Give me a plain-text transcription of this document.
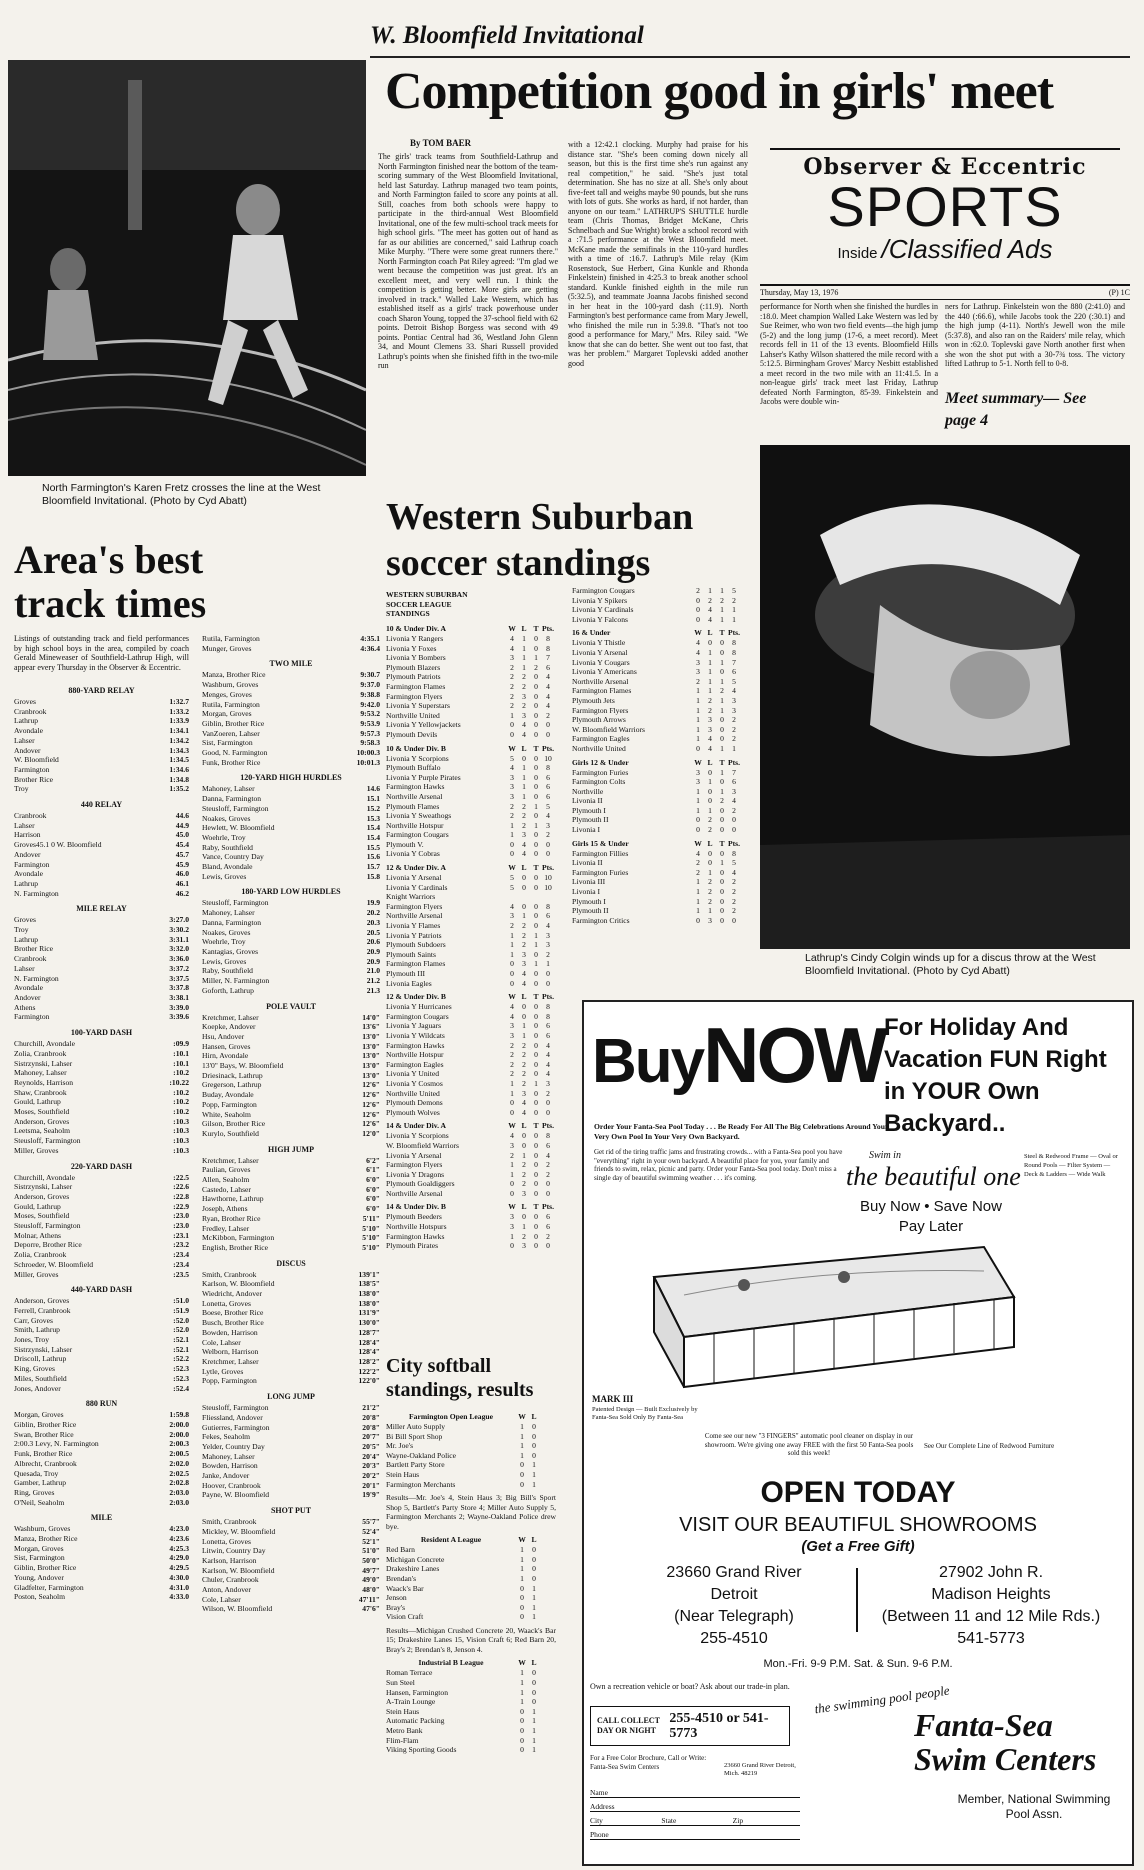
W. Bloomfield Invitational
Competition good in girls' meet
North Farmington's Karen Fretz crosses the line at the West Bloomfield Invitational. (Photo by Cyd Abatt)
By TOM BAER
The girls' track teams from Southfield-Lathrup and North Farmington finished near the bottom of the team-scoring summary of the West Bloomfield Invitational, held last Saturday. Lathrup managed two team points, and North Farmington failed to score any points at all. Still, coaches from both schools were happy to participate in the third-annual West Bloomfield Invitational, one of the few multi-school track meets for high school girls. "The meet has gotten out of hand as far as our abilities are concerned," said Lathrup coach Mike Murphy. "There were some great runners there." North Farmington coach Pat Riley agreed: "I'm glad we went because the competition was just great. It's an excellent meet, and very well run. I think the competition is getting better. More girls are getting involved in track." Walled Lake Western, which has established itself as a girls' track powerhouse under coach Sharon Young, topped the 37-school field with 62 points. Detroit Bishop Borgess was second with 49 points. Pontiac Central had 36, Westland John Glenn 34, and Mount Clemens 33. Shari Russell provided Lathrup's points when she finished fifth in the two-mile run
with a 12:42.1 clocking. Murphy had praise for his distance star. "She's been coming down nicely all season, but this is the first time she's run against any real competition," he said. "She's just total determination. She has no size at all. She's only about five-feet tall and weighs maybe 90 pounds, but she runs with lots of guts. She works as hard, if not harder, than anyone on our team." LATHRUP'S SHUTTLE hurdle team (Chris Thomas, Bridget McKane, Chris Schnelbach and Sue Wright) broke a school record with a :71.5 performance at the West Bloomfield meet. McKane made the semifinals in the 110-yard hurdles with a time of :16.7. Lathrup's Mile relay (Kim Rosenstock, Sue Herbert, Gina Kunkle and Rhonda Finkelstein) finished in 4:25.3 to break another school standard. Kunkle finished eighth in the mile run (5:32.5), and teammate Joanna Jacobs finished second in her heat in the 100-yard dash (:11.9). North Farmington's best performance came from Mary Jewell, who finished the mile run in 5:39.8. "That's not too good a performance for Mary," Mrs. Riley said. "We know that she can do better. She went out too fast, that was her problem." Margaret Toplevski added another good
Observer & Eccentric
SPORTS
Inside /Classified Ads
Thursday, May 13, 1976	(P) 1C
performance for North when she finished the hurdles in :18.0. Meet champion Walled Lake Western was led by Sue Reimer, who won two field events—the high jump (5-2) and the long jump (17-6, a meet record). Meet records fell in 11 of the 13 events. Bloomfield Hills Lahser's Kathy Wilson shattered the mile record with a 5:12.5. Birmingham Groves' Marcy Nesbitt established a meet record in the two mile with an 11:41.5. In a non-league girls' track meet last Friday, Lathrup defeated North Farmington, 85-39. Finkelstein and Jacobs were double win-
ners for Lathrup. Finkelstein won the 880 (2:41.0) and the 440 (:66.6), while Jacobs took the 220 (:30.1) and the high jump (4-11). North's Jewell won the mile (5:37.8), and also ran on the Raiders' mile relay, which won in :62.0. Toplevski gave North another first when she won the shot put with a 30-7¾ toss. The victory lifted Lathrup to 5-1. North fell to 0-8.
Meet summary— See page 4
Lathrup's Cindy Colgin winds up for a discus throw at the West Bloomfield Invitational. (Photo by Cyd Abatt)
Area's best track times
Listings of outstanding track and field performances by high school boys in the area, compiled by coach Gerald Mineweaser of Southfield-Lathrup High, will appear every Thursday in the Observer & Eccentric.
880-YARD RELAY
Groves	1:32.7
Cranbrook	1:33.2
Lathrup	1:33.9
Avondale	1:34.1
Lahser	1:34.2
Andover	1:34.3
W. Bloomfield	1:34.5
Farmington	1:34.6
Brother Rice	1:34.8
Troy	1:35.2
440 RELAY
Cranbrook	44.6
Lahser	44.9
Harrison	45.0
Groves45.1 0 W. Bloomfield	45.4
Andover	45.7
Farmington	45.9
Avondale	46.0
Lathrup	46.1
N. Farmington	46.2
MILE RELAY
Groves	3:27.0
Troy	3:30.2
Lathrup	3:31.1
Brother Rice	3:32.0
Cranbrook	3:36.0
Lahser	3:37.2
N. Farmington	3:37.5
Avondale	3:37.8
Andover	3:38.1
Athens	3:39.0
Farmington	3:39.6
100-YARD DASH
Churchill, Avondale	:09.9
Zolia, Cranbrook	:10.1
Sistrzynski, Lahser	:10.1
Mahoney, Lahser	:10.2
Reynolds, Harrison	:10.22
Shaw, Cranbrook	:10.2
Gould, Lathrup	:10.2
Moses, Southfield	:10.2
Anderson, Groves	:10.3
Leetsma, Seaholm	:10.3
Steusloff, Farmington	:10.3
Miller, Groves	:10.3
220-YARD DASH
Churchill, Avondale	:22.5
Sistrzynski, Lahser	:22.6
Anderson, Groves	:22.8
Gould, Lathrup	:22.9
Moses, Southfield	:23.0
Steusloff, Farmington	:23.0
Molnar, Athens	:23.1
Deporre, Brother Rice	:23.2
Zolia, Cranbrook	:23.4
Schroeder, W. Bloomfield	:23.4
Miller, Groves	:23.5
440-YARD DASH
Anderson, Groves	:51.0
Ferrell, Cranbrook	:51.9
Carr, Groves	:52.0
Smith, Lathrup	:52.0
Jones, Troy	:52.1
Sistrzynski, Lahser	:52.1
Driscoll, Lathrup	:52.2
King, Groves	:52.3
Miles, Southfield	:52.3
Jones, Andover	:52.4
880 RUN
Morgan, Groves	1:59.8
Giblin, Brother Rice	2:00.0
Swan, Brother Rice	2:00.0
2:00.3 Levy, N. Farmington	2:00.3
Funk, Brother Rice	2:00.5
Albrecht, Cranbrook	2:02.0
Quesada, Troy	2:02.5
Gamber, Lathrup	2:02.8
Ring, Groves	2:03.0
O'Neil, Seaholm	2:03.0
MILE
Washburn, Groves	4:23.0
Manza, Brother Rice	4:23.6
Morgan, Groves	4:25.3
Sist, Farmington	4:29.0
Giblin, Brother Rice	4:29.5
Young, Andover	4:30.0
Gladfelter, Farmington	4:31.0
Poston, Seaholm	4:33.0
Rutila, Farmington	4:35.1
Munger, Groves	4:36.4
TWO MILE
Manza, Brother Rice	9:30.7
Washburn, Groves	9:37.0
Menges, Groves	9:38.8
Rutila, Farmington	9:42.0
Morgan, Groves	9:53.2
Giblin, Brother Rice	9:53.9
VanZoeren, Lahser	9:57.3
Sist, Farmington	9:58.3
Good, N. Farmington	10:00.3
Funk, Brother Rice	10:01.3
120-YARD HIGH HURDLES
Mahoney, Lahser	14.6
Danna, Farmington	15.1
Steusloff, Farmington	15.2
Noakes, Groves	15.3
Hewlett, W. Bloomfield	15.4
Woehrle, Troy	15.4
Raby, Southfield	15.5
Vance, Country Day	15.6
Bland, Avondale	15.7
Lewis, Groves	15.8
180-YARD LOW HURDLES
Steusloff, Farmington	19.9
Mahoney, Lahser	20.2
Danna, Farmington	20.3
Noakes, Groves	20.5
Woehrle, Troy	20.6
Kantagias, Groves	20.9
Lewis, Groves	20.9
Raby, Southfield	21.0
Miller, N. Farmington	21.2
Goforth, Lathrup	21.3
POLE VAULT
Kretchmer, Lahser	14'0"
Koepke, Andover	13'6"
Hsu, Andover	13'0"
Hansen, Groves	13'0"
Hirn, Avondale	13'0"
13'0" Bays, W. Bloomfield	13'0"
Driesinack, Lathrup	13'0"
Gregerson, Lathrup	12'6"
Buday, Avondale	12'6"
Popp, Farmington	12'6"
White, Seaholm	12'6"
Gilson, Brother Rice	12'6"
Kurylo, Southfield	12'0"
HIGH JUMP
Kretchmer, Lahser	6'2"
Paulian, Groves	6'1"
Allen, Seaholm	6'0"
Castedo, Lahser	6'0"
Hawthorne, Lathrup	6'0"
Joseph, Athens	6'0"
Ryan, Brother Rice	5'11"
Fredley, Lahser	5'10"
McKibbon, Farmington	5'10"
English, Brother Rice	5'10"
DISCUS
Smith, Cranbrook	139'1"
Karlson, W. Bloomfield	138'5"
Wiedricht, Andover	138'0"
Lonetta, Groves	138'0"
Boese, Brother Rice	131'9"
Busch, Brother Rice	130'0"
Bowden, Harrison	128'7"
Cole, Lahser	128'4"
Welborn, Harrison	128'4"
Kretchmer, Lahser	128'2"
Lytle, Groves	122'2"
Popp, Farmington	122'0"
LONG JUMP
Steusloff, Farmington	21'2"
Fliessland, Andover	20'8"
Gutierres, Farmington	20'8"
Fekes, Seaholm	20'7"
Yelder, Country Day	20'5"
Mahoney, Lahser	20'4"
Bowden, Harrison	20'3"
Janke, Andover	20'2"
Hoover, Cranbrook	20'1"
Payne, W. Bloomfield	19'9"
SHOT PUT
Smith, Cranbrook	55'7"
Mickley, W. Bloomfield	52'4"
Lonetta, Groves	52'1"
Litwin, Country Day	51'0"
Karlson, Harrison	50'0"
Karlson, W. Bloomfield	49'7"
Chuler, Cranbrook	49'0"
Anton, Andover	48'0"
Cole, Lahser	47'11"
Wilson, W. Bloomfield	47'6"
Western Suburban soccer standings
WESTERN SUBURBAN SOCCER LEAGUE STANDINGS
10 & Under Div. A	W L T Pts.
Livonia Y Rangers	4	1	0	8
Livonia Y Foxes	4	1	0	8
Livonia Y Bombers	3	1	1	7
Plymouth Blazers	2	1	2	6
Plymouth Patriots	2	2	0	4
Farmington Flames	2	2	0	4
Farmington Flyers	2	3	0	4
Livonia Y Superstars	2	2	0	4
Northville United	1	3	0	2
Livonia Y Yellowjackets	0	4	0	0
Plymouth Devils	0	4	0	0
10 & Under Div. B	W L T Pts.
Livonia Y Scorpions	5	0	0 10
Plymouth Buffalo	4	1	0	8
Livonia Y Purple Pirates	3	1	0	6
Farmington Hawks	3	1	0	6
Northville Arsenal	3	1	0	6
Plymouth Flames	2	2	1	5
Livonia Y Sweathogs	2	2	0	4
Northville Hotspur	1	2	1	3
Farmington Cougars	1	3	0	2
Plymouth V.	0	4	0	0
Livonia Y Cobras	0	4	0	0
12 & Under Div. A	W L T Pts.
Livonia Y Arsenal	5	0	0 10
Livonia Y Cardinals	5	0	0 10
Knight Warriors
Farmington Flyers	4	0	0	8
Northville Arsenal	3	1	0	6
Livonia Y Flames	2	2	0	4
Livonia Y Patriots	1	2	1	3
Plymouth Subdoers	1	2	1	3
Plymouth Saints	1	3	0	2
Farmington Flames	0	3	1	1
Plymouth III	0	4	0	0
Livonia Eagles	0	4	0	0
12 & Under Div. B	W L T Pts.
Livonia Y Hurricanes	4	0	0	8
Farmington Cougars	4	0	0	8
Livonia Y Jaguars	3	1	0	6
Livonia Y Wildcats	3	1	0	6
Farmington Hawks	2	2	0	4
Northville Hotspur	2	2	0	4
Farmington Eagles	2	2	0	4
Livonia Y United	2	2	0	4
Livonia Y Cosmos	1	2	1	3
Northville United	1	3	0	2
Plymouth Demons	0	4	0	0
Plymouth Wolves	0	4	0	0
14 & Under Div. A	W L T Pts.
Livonia Y Scorpions	4	0	0	8
W. Bloomfield Warriors	3	0	0	6
Livonia Y Arsenal	2	1	0	4
Farmington Flyers	1	2	0	2
Livonia Y Dragons	1	2	0	2
Plymouth Goaldiggers	0	2	0	0
Northville Arsenal	0	3	0	0
14 & Under Div. B	W L T Pts.
Plymouth Beeders	3	0	0	6
Northville Hotspurs	3	1	0	6
Farmington Hawks	1	2	0	2
Plymouth Pirates	0	3	0	0
Farmington Cougars	2	1	1	5
Livonia Y Spikers	0	2	2	2
Livonia Y Cardinals	0	4	1	1
Livonia Y Falcons	0	4	1	1
16 & Under	W L T Pts.
Livonia Y Thistle	4	0	0	8
Livonia Y Arsenal	4	1	0	8
Livonia Y Cougars	3	1	1	7
Livonia Y Americans	3	1	0	6
Northville Arsenal	2	1	1	5
Farmington Flames	1	1	2	4
Plymouth Jets	1	2	1	3
Farmington Flyers	1	2	1	3
Plymouth Arrows	1	3	0	2
W. Bloomfield Warriors	1	3	0	2
Farmington Eagles	1	4	0	2
Northville United	0	4	1	1
Girls 12 & Under	W L T Pts.
Farmington Furies	3	0	1	7
Farmington Colts	3	1	0	6
Northville	1	0	1	3
Livonia II	1	0	2	4
Plymouth I	1	1	0	2
Plymouth II	0	2	0	0
Livonia I	0	2	0	0
Girls 15 & Under	W L T Pts.
Farmington Fillies	4	0	0	8
Livonia II	2	0	1	5
Farmington Furies	2	1	0	4
Livonia III	1	2	0	2
Livonia I	1	2	0	2
Plymouth I	1	2	0	2
Plymouth II	1	1	0	2
Farmington Critics	0	3	0	0
City softball standings, results
Farmington Open League	W L
Miller Auto Supply	1	0
Bi Bill Sport Shop	1	0
Mr. Joe's	1	0
Wayne-Oakland Police	1	0
Bartlett Party Store	0	1
Stein Haus	0	1
Farmington Merchants	0	1
Results—Mr. Joe's 4, Stein Haus 3; Big Bill's Sport Shop 5, Bartlett's Party Store 4; Miller Auto Supply 5, Farmington Merchants 2; Wayne-Oakland Police drew bye.
Resident A League	W L
Red Barn	1	0
Michigan Concrete	1	0
Drakeshire Lanes	1	0
Brendan's	1	0
Waack's Bar	0	1
Jenson	0	1
Bray's	0	1
Vision Craft	0	1
Results—Michigan Crushed Concrete 20, Waack's Bar 15; Drakeshire Lanes 15, Vision Craft 6; Red Barn 20, Bray's 2; Brendan's 8, Jenson 4.
Industrial B League	W L
Roman Terrace	1	0
Sun Steel	1	0
Hansen, Farmington	1	0
A-Train Lounge	1	0
Stein Haus	0	1
Automatic Packing	0	1
Metro Bank	0	1
Flim-Flam	0	1
Viking Sporting Goods	0	1
BuyNOW For Holiday And Vacation FUN Right in YOUR Own Backyard..
Order Your Fanta-Sea Pool Today . . . Be Ready For All The Big Celebrations Around Your Very Own Pool In Your Very Own Backyard.
Get rid of the tiring traffic jams and frustrating crowds... with a Fanta-Sea pool you have "everything" right in your own backyard. A beautiful place for you, your family and friends to swim, relax, picnic and party. Order your Fanta-Sea pool today. Don't miss a single day of beautiful swimming weather . . . it's coming.
Swim in
the beautiful one
Buy Now • Save Now
Pay Later
Steel & Redwood Frame — Oval or Round Pools — Filter System — Deck & Ladders — Wide Walk
MARK III
Patented Design — Built Exclusively by Fanta-Sea Sold Only By Fanta-Sea
Come see our new "3 FINGERS" automatic pool cleaner on display in our showroom. We're giving one away FREE with the first 50 Fanta-Sea pools sold this week!
See Our Complete Line of Redwood Furniture
OPEN TODAY
VISIT OUR BEAUTIFUL SHOWROOMS
(Get a Free Gift)
23660 Grand River
Detroit
(Near Telegraph)
255-4510
27902 John R.
Madison Heights
(Between 11 and 12 Mile Rds.)
541-5773
Mon.-Fri. 9-9 P.M. Sat. & Sun. 9-6 P.M.
Own a recreation vehicle or boat? Ask about our trade-in plan.
CALL COLLECT DAY OR NIGHT
255-4510 or 541-5773
For a Free Color Brochure, Call or Write: Fanta-Sea Swim Centers	23660 Grand River Detroit, Mich. 48219
Name
Address
City	State	Zip
Phone
the swimming pool people
Fanta-Sea Swim Centers
Member, National Swimming Pool Assn.
